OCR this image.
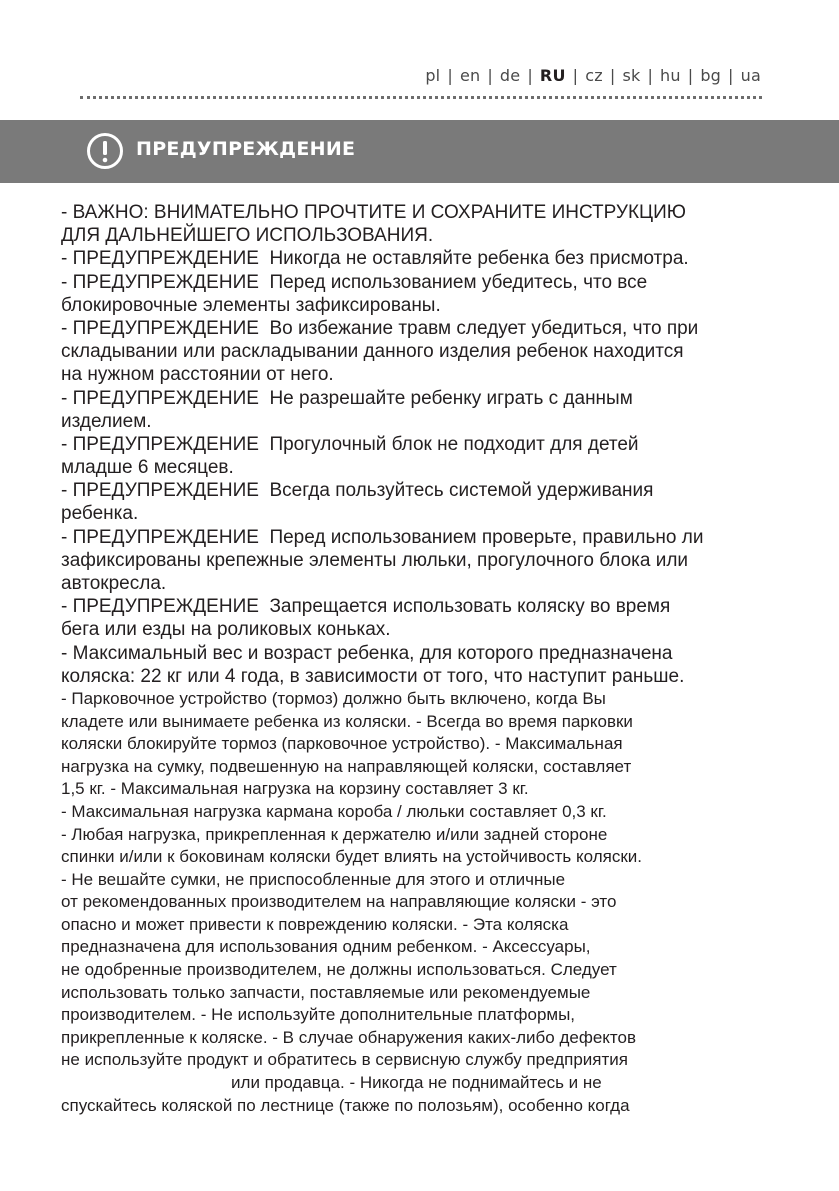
pl | en | de | RU | cz | sk | hu | bg | ua
ПРЕДУПРЕЖДЕНИЕ
- ВАЖНО: ВНИМАТЕЛЬНО ПРОЧТИТЕ И СОХРАНИТЕ ИНСТРУКЦИЮ
ДЛЯ ДАЛЬНЕЙШЕГО ИСПОЛЬЗОВАНИЯ.
- ПРЕДУПРЕЖДЕНИЕ  Никогда не оставляйте ребенка без присмотра.
- ПРЕДУПРЕЖДЕНИЕ  Перед использованием убедитесь, что все
блокировочные элементы зафиксированы.
- ПРЕДУПРЕЖДЕНИЕ  Во избежание травм следует убедиться, что при
складывании или раскладывании данного изделия ребенок находится
на нужном расстоянии от него.
- ПРЕДУПРЕЖДЕНИЕ  Не разрешайте ребенку играть с данным
изделием.
- ПРЕДУПРЕЖДЕНИЕ  Прогулочный блок не подходит для детей
младше 6 месяцев.
- ПРЕДУПРЕЖДЕНИЕ  Всегда пользуйтесь системой удерживания
ребенка.
- ПРЕДУПРЕЖДЕНИЕ  Перед использованием проверьте, правильно ли
зафиксированы крепежные элементы люльки, прогулочного блока или
автокресла.
- ПРЕДУПРЕЖДЕНИЕ  Запрещается использовать коляску во время
бега или езды на роликовых коньках.
- Максимальный вес и возраст ребенка, для которого предназначена
коляска: 22 кг или 4 года, в зависимости от того, что наступит раньше.
- Парковочное устройство (тормоз) должно быть включено, когда Вы
кладете или вынимаете ребенка из коляски. - Всегда во время парковки
коляски блокируйте тормоз (парковочное устройство). - Максимальная
нагрузка на сумку, подвешенную на направляющей коляски, составляет
1,5 кг. - Максимальная нагрузка на корзину составляет 3 кг.
- Максимальная нагрузка кармана короба / люльки составляет 0,3 кг.
- Любая нагрузка, прикрепленная к держателю и/или задней стороне
спинки и/или к боковинам коляски будет влиять на устойчивость коляски.
- Не вешайте сумки, не приспособленные для этого и отличные
от рекомендованных производителем на направляющие коляски - это
опасно и может привести к повреждению коляски. - Эта коляска
предназначена для использования одним ребенком. - Аксессуары,
не одобренные производителем, не должны использоваться. Следует
использовать только запчасти, поставляемые или рекомендуемые
производителем. - Не используйте дополнительные платформы,
прикрепленные к коляске. - В случае обнаружения каких-либо дефектов
не используйте продукт и обратитесь в сервисную службу предприятия
или продавца. - Никогда не поднимайтесь и не
спускайтесь коляской по лестнице (также по полозьям), особенно когда
